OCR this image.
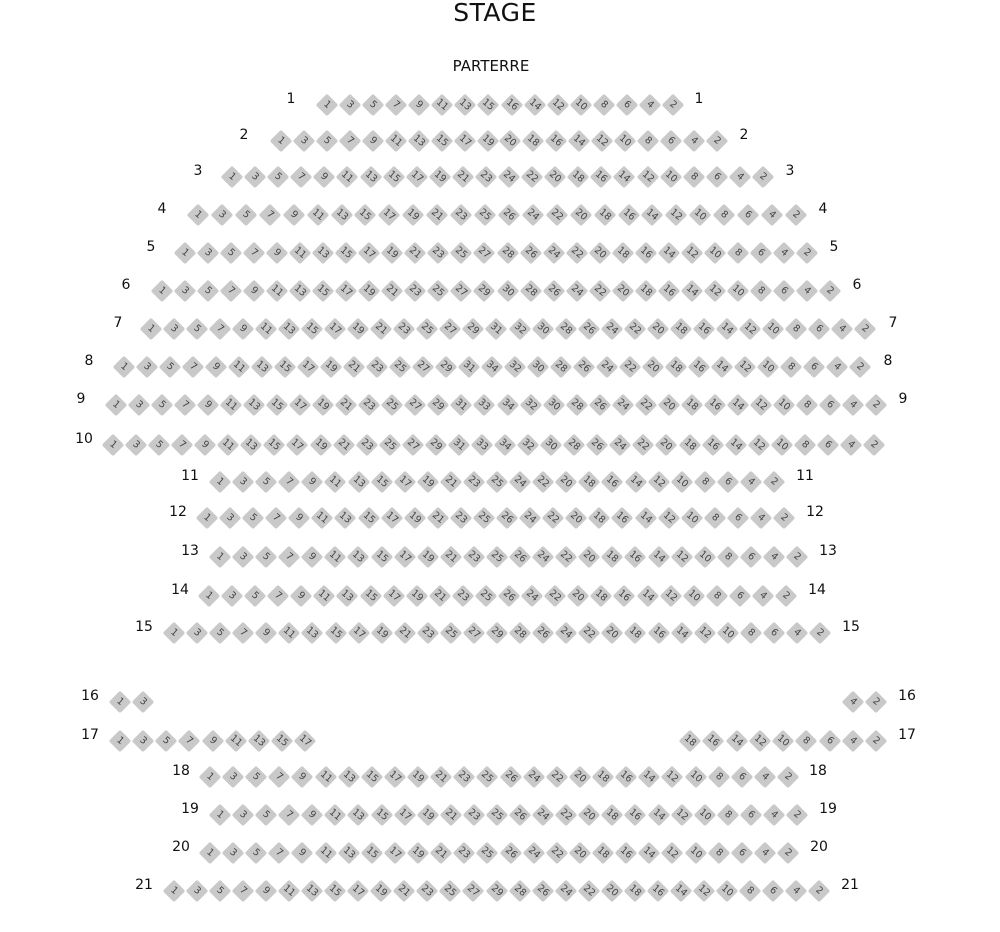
STAGE
PARTERRE
1 3 5 7 9 11 13 15 16 14 12 10 8 6 4 2
1	1
1 3 5 7 9 11 13 15 17 19 20 18 16 14 12 10 8 6 4 2
2	2
1 3 5 7 9 11 13 15 17 19 21 23 24 22 20 18 16 14 12 10 8 6 4 2
3	3
1 3 5 7 9 11 13 15 17 19 21 23 25 26 24 22 20 18 16 14 12 10 8 6 4 2
4	4
1 3 5 7 9 11 13 15 17 19 21 23 25 27 28 26 24 22 20 18 16 14 12 10 8 6 4 2
5	5
1 3 5 7 9 11 13 15 17 19 21 23 25 27 29 30 28 26 24 22 20 18 16 14 12 10 8 6 4 2
6	6
1 3 5 7 9 11 13 15 17 19 21 23 25 27 29 31 32 30 28 26 24 22 20 18 16 14 12 10 8 6 4 2
7	7
1 3 5 7 9 11 13 15 17 19 21 23 25 27 29 31 34 32 30 28 26 24 22 20 18 16 14 12 10 8 6 4 2
8	8
1 3 5 7 9 11 13 15 17 19 21 23 25 27 29 31 33 34 32 30 28 26 24 22 20 18 16 14 12 10 8 6 4 2
9	9
1 3 5 7 9 11 13 15 17 19 21 23 25 27 29 31 33 34 32 30 28 26 24 22 20 18 16 14 12 10 8 6 4 2
10
1 3 5 7 9 11 13 15 17 19 21 23 25 24 22 20 18 16 14 12 10 8 6 4 2
11	11
1 3 5 7 9 11 13 15 17 19 21 23 25 26 24 22 20 18 16 14 12 10 8 6 4 2
12	12
1 3 5 7 9 11 13 15 17 19 21 23 25 26 24 22 20 18 16 14 12 10 8 6 4 2
13	13
1 3 5 7 9 11 13 15 17 19 21 23 25 26 24 22 20 18 16 14 12 10 8 6 4 2
14	14
1 3 5 7 9 11 13 15 17 19 21 23 25 27 29 28 26 24 22 20 18 16 14 12 10 8 6 4 2
15	15
1 3	4 2
16	16
1 3 5 7 9 11 13 15 17	18 16 14 12 10 8 6 4 2
17	17
1 3 5 7 9 11 13 15 17 19 21 23 25 26 24 22 20 18 16 14 12 10 8 6 4 2
18	18
1 3 5 7 9 11 13 15 17 19 21 23 25 26 24 22 20 18 16 14 12 10 8 6 4 2
19	19
1 3 5 7 9 11 13 15 17 19 21 23 25 26 24 22 20 18 16 14 12 10 8 6 4 2
20	20
1 3 5 7 9 11 13 15 17 19 21 23 25 27 29 28 26 24 22 20 18 16 14 12 10 8 6 4 2
21	21
